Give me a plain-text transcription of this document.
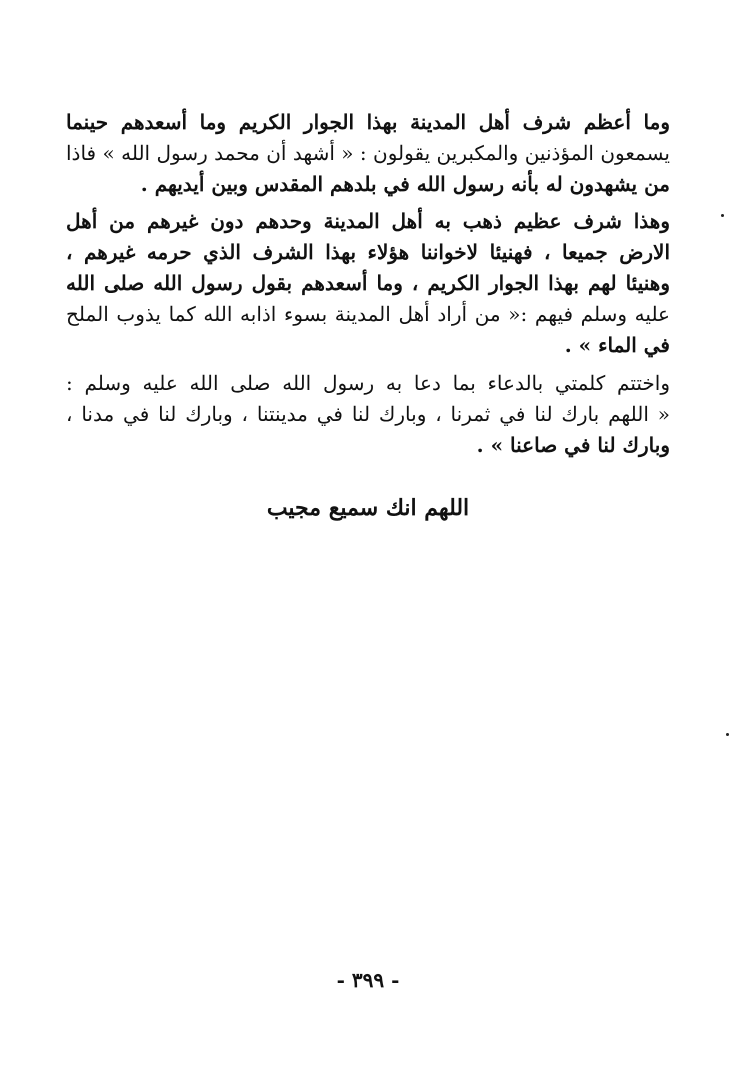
وما أعظم شرف أهل المدينة بهذا الجوار الكريم وما أسعدهم حينما
يسمعون المؤذنين والمكبرين يقولون : « أشهد أن محمد رسول الله » فاذا
من يشهدون له بأنه رسول الله في بلدهم المقدس وبين أيديهم .
وهذا شرف عظيم ذهب به أهل المدينة وحدهم دون غيرهم من أهل
الارض جميعا ، فهنيئا لاخواننا هؤلاء بهذا الشرف الذي حرمه غيرهم ،
وهنيئا لهم بهذا الجوار الكريم ، وما أسعدهم بقول رسول الله صلى الله
عليه وسلم فيهم :« من أراد أهل المدينة بسوء اذابه الله كما يذوب الملح
في الماء » .
واختتم كلمتي بالدعاء بما دعا به رسول الله صلى الله عليه وسلم :
« اللهم بارك لنا في ثمرنا ، وبارك لنا في مدينتنا ، وبارك لنا في مدنا ،
وبارك لنا في صاعنا » .
اللهم انك سميع مجيب
- ٣٩٩ -
